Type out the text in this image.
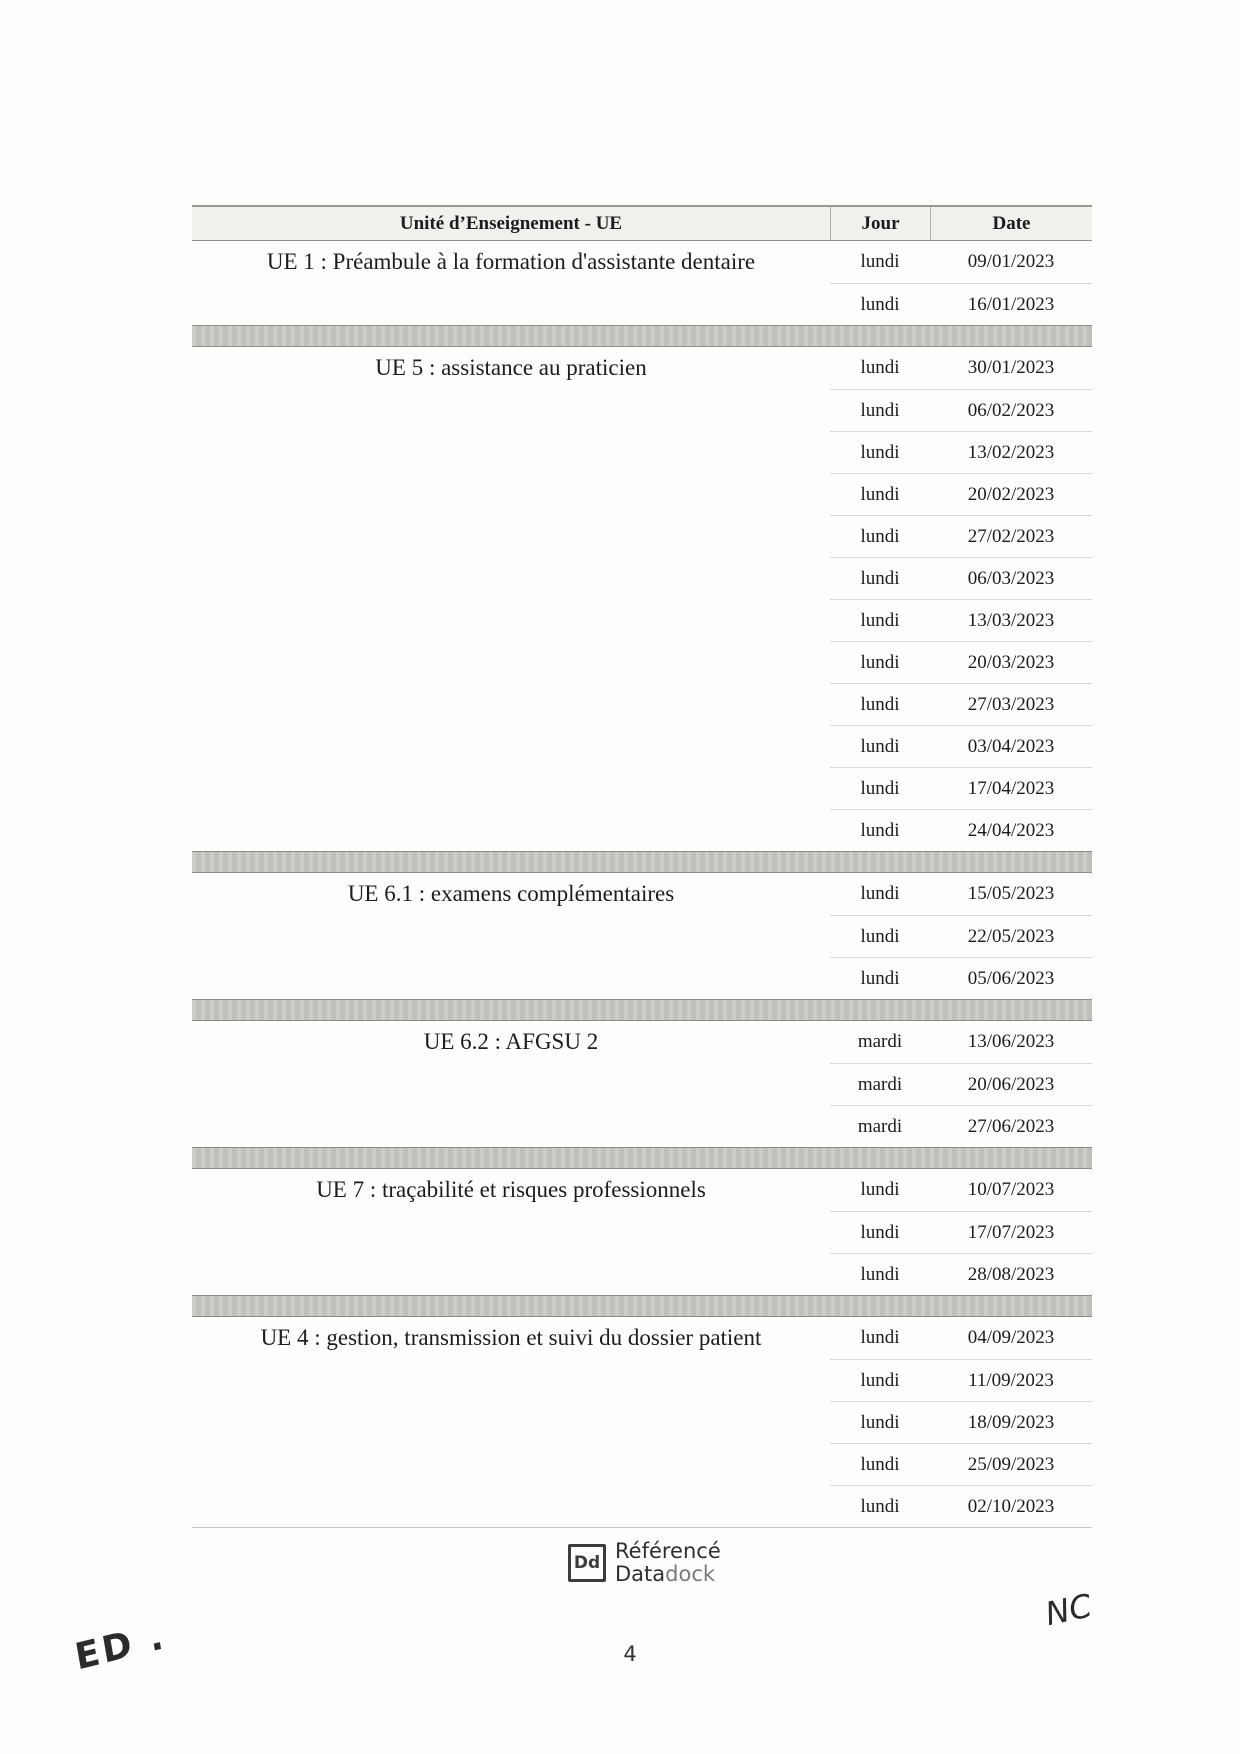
Unité d’Enseignement - UE	Jour	Date
UE 1 : Préambule à la formation d'assistante dentaire	lundi	09/01/2023
lundi	16/01/2023
UE 5 : assistance au praticien	lundi	30/01/2023
lundi	06/02/2023
lundi	13/02/2023
lundi	20/02/2023
lundi	27/02/2023
lundi	06/03/2023
lundi	13/03/2023
lundi	20/03/2023
lundi	27/03/2023
lundi	03/04/2023
lundi	17/04/2023
lundi	24/04/2023
UE 6.1 : examens complémentaires	lundi	15/05/2023
lundi	22/05/2023
lundi	05/06/2023
UE 6.2 : AFGSU 2	mardi	13/06/2023
mardi	20/06/2023
mardi	27/06/2023
UE 7 : traçabilité et risques professionnels	lundi	10/07/2023
lundi	17/07/2023
lundi	28/08/2023
UE 4 : gestion, transmission et suivi du dossier patient	lundi	04/09/2023
lundi	11/09/2023
lundi	18/09/2023
lundi	25/09/2023
lundi	02/10/2023
Dd Référencé
Datadock
4
ED .
NC
